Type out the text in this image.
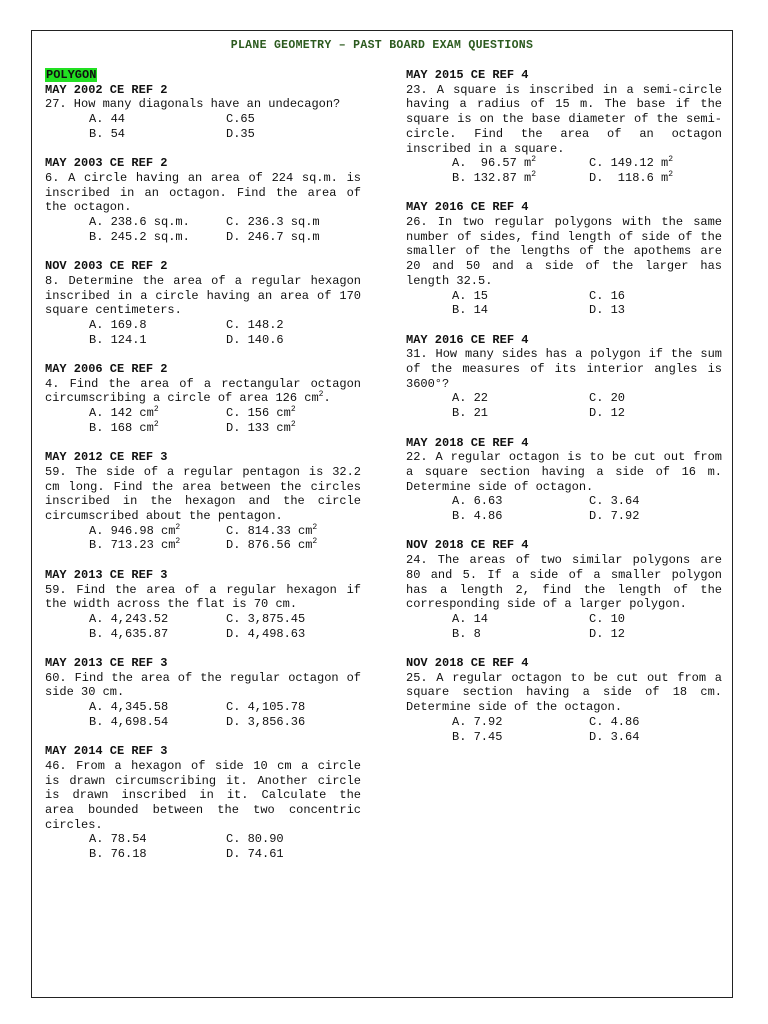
PLANE GEOMETRY – PAST BOARD EXAM QUESTIONS
POLYGON
MAY 2002 CE REF 2
27. How many diagonals have an undecagon?
A. 44	C.65
B. 54	D.35
MAY 2003 CE REF 2
6. A circle having an area of 224 sq.m. is inscribed in an octagon. Find the area of the octagon.
A. 238.6 sq.m.	C. 236.3 sq.m
B. 245.2 sq.m.	D. 246.7 sq.m
NOV 2003 CE REF 2
8. Determine the area of a regular hexagon inscribed in a circle having an area of 170 square centimeters.
A. 169.8	C. 148.2
B. 124.1	D. 140.6
MAY 2006 CE REF 2
4. Find the area of a rectangular octagon circumscribing a circle of area 126 $cm^2$.
A. 142 $cm^2$	C. 156 $cm^2$
B. 168 $cm^2$	D. 133 $cm^2$
MAY 2012 CE REF 3
59. The side of a regular pentagon is 32.2 cm long. Find the area between the circles inscribed in the hexagon and the circle circumscribed about the pentagon.
A. 946.98 $cm^2$	C. 814.33 $cm^2$
B. 713.23 $cm^2$	D. 876.56 $cm^2$
MAY 2013 CE REF 3
59. Find the area of a regular hexagon if the width across the flat is 70 cm.
A. 4,243.52	C. 3,875.45
B. 4,635.87	D. 4,498.63
MAY 2013 CE REF 3
60. Find the area of the regular octagon of side 30 cm.
A. 4,345.58	C. 4,105.78
B. 4,698.54	D. 3,856.36
MAY 2014 CE REF 3
46. From a hexagon of side 10 cm a circle is drawn circumscribing it. Another circle is drawn inscribed in it. Calculate the area bounded between the two concentric circles.
A. 78.54	C. 80.90
B. 76.18	D. 74.61
MAY 2015 CE REF 4
23. A square is inscribed in a semi-circle having a radius of 15 m. The base if the square is on the base diameter of the semi-circle. Find the area of an octagon inscribed in a square.
A.  96.57 $m^2$	C. 149.12 $m^2$
B. 132.87 $m^2$	D.  118.6 $m^2$
MAY 2016 CE REF 4
26. In two regular polygons with the same number of sides, find length of side of the smaller of the lengths of the apothems are 20 and 50 and a side of the larger has length 32.5.
A. 15	C. 16
B. 14	D. 13
MAY 2016 CE REF 4
31. How many sides has a polygon if the sum of the measures of its interior angles is 3600°?
A. 22	C. 20
B. 21	D. 12
MAY 2018 CE REF 4
22. A regular octagon is to be cut out from a square section having a side of 16 m. Determine side of octagon.
A. 6.63	C. 3.64
B. 4.86	D. 7.92
NOV 2018 CE REF 4
24. The areas of two similar polygons are 80 and 5. If a side of a smaller polygon has a length 2, find the length of the corresponding side of a larger polygon.
A. 14	C. 10
B. 8	D. 12
NOV 2018 CE REF 4
25. A regular octagon to be cut out from a square section having a side of 18 cm. Determine side of the octagon.
A. 7.92	C. 4.86
B. 7.45	D. 3.64
